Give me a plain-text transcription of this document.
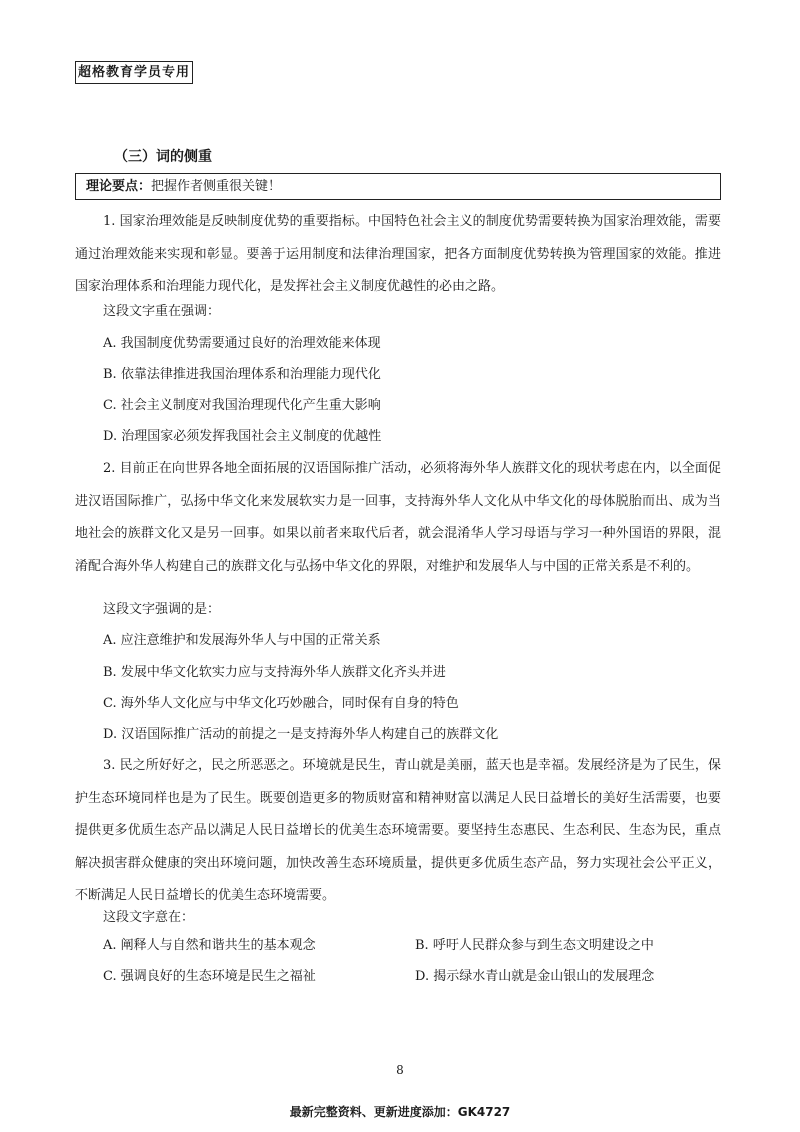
超格教育学员专用
（三）词的侧重
理论要点：把握作者侧重很关键！
1. 国家治理效能是反映制度优势的重要指标。中国特色社会主义的制度优势需要转换为国家治理效能，需要通过治理效能来实现和彰显。要善于运用制度和法律治理国家，把各方面制度优势转换为管理国家的效能。推进国家治理体系和治理能力现代化，是发挥社会主义制度优越性的必由之路。
这段文字重在强调：
A. 我国制度优势需要通过良好的治理效能来体现
B. 依靠法律推进我国治理体系和治理能力现代化
C. 社会主义制度对我国治理现代化产生重大影响
D. 治理国家必须发挥我国社会主义制度的优越性
2. 目前正在向世界各地全面拓展的汉语国际推广活动，必须将海外华人族群文化的现状考虑在内，以全面促进汉语国际推广，弘扬中华文化来发展软实力是一回事，支持海外华人文化从中华文化的母体脱胎而出、成为当地社会的族群文化又是另一回事。如果以前者来取代后者，就会混淆华人学习母语与学习一种外国语的界限，混淆配合海外华人构建自己的族群文化与弘扬中华文化的界限，对维护和发展华人与中国的正常关系是不利的。
这段文字强调的是：
A. 应注意维护和发展海外华人与中国的正常关系
B. 发展中华文化软实力应与支持海外华人族群文化齐头并进
C. 海外华人文化应与中华文化巧妙融合，同时保有自身的特色
D. 汉语国际推广活动的前提之一是支持海外华人构建自己的族群文化
3. 民之所好好之，民之所恶恶之。环境就是民生，青山就是美丽，蓝天也是幸福。发展经济是为了民生，保护生态环境同样也是为了民生。既要创造更多的物质财富和精神财富以满足人民日益增长的美好生活需要，也要提供更多优质生态产品以满足人民日益增长的优美生态环境需要。要坚持生态惠民、生态利民、生态为民，重点解决损害群众健康的突出环境问题，加快改善生态环境质量，提供更多优质生态产品，努力实现社会公平正义，不断满足人民日益增长的优美生态环境需要。
这段文字意在：
A. 阐释人与自然和谐共生的基本观念	B. 呼吁人民群众参与到生态文明建设之中
C. 强调良好的生态环境是民生之福祉	D. 揭示绿水青山就是金山银山的发展理念
8
最新完整资料、更新进度添加：GK4727
